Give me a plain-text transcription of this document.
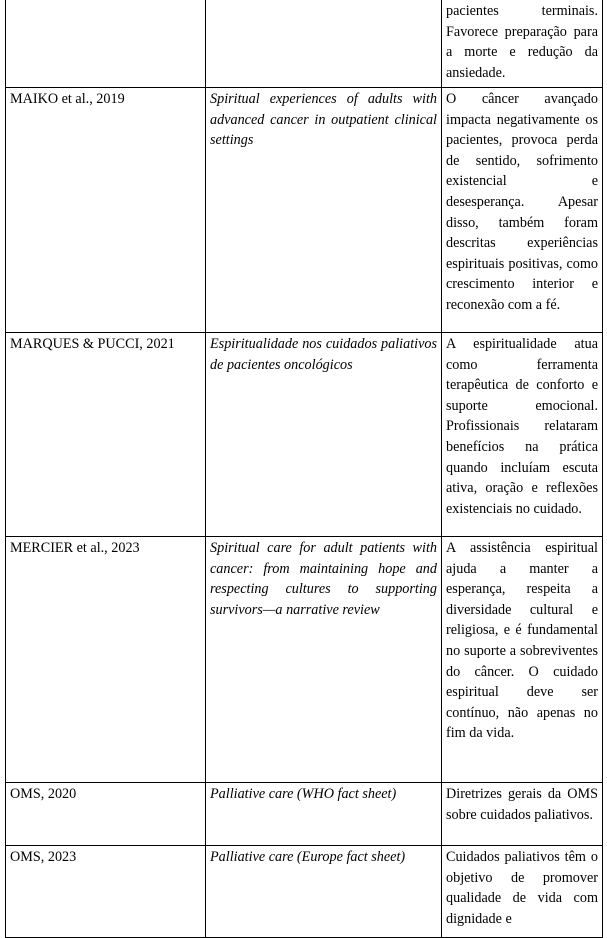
		pacientes terminais. Favorece preparação para a morte e redução da ansiedade.
MAIKO et al., 2019	Spiritual experiences of adults with advanced cancer in outpatient clinical settings	O câncer avançado impacta negativamente os pacientes, provoca perda de sentido, sofrimento existencial e desesperança. Apesar disso, também foram descritas experiências espirituais positivas, como crescimento interior e reconexão com a fé.
MARQUES & PUCCI, 2021	Espiritualidade nos cuidados paliativos de pacientes oncológicos	A espiritualidade atua como ferramenta terapêutica de conforto e suporte emocional. Profissionais relataram benefícios na prática quando incluíam escuta ativa, oração e reflexões existenciais no cuidado.
MERCIER et al., 2023	Spiritual care for adult patients with cancer: from maintaining hope and respecting cultures to supporting survivors—a narrative review	A assistência espiritual ajuda a manter a esperança, respeita a diversidade cultural e religiosa, e é fundamental no suporte a sobreviventes do câncer. O cuidado espiritual deve ser contínuo, não apenas no fim da vida.
OMS, 2020	Palliative care (WHO fact sheet)	Diretrizes gerais da OMS sobre cuidados paliativos.
OMS, 2023	Palliative care (Europe fact sheet)	Cuidados paliativos têm o objetivo de promover qualidade de vida com dignidade e
